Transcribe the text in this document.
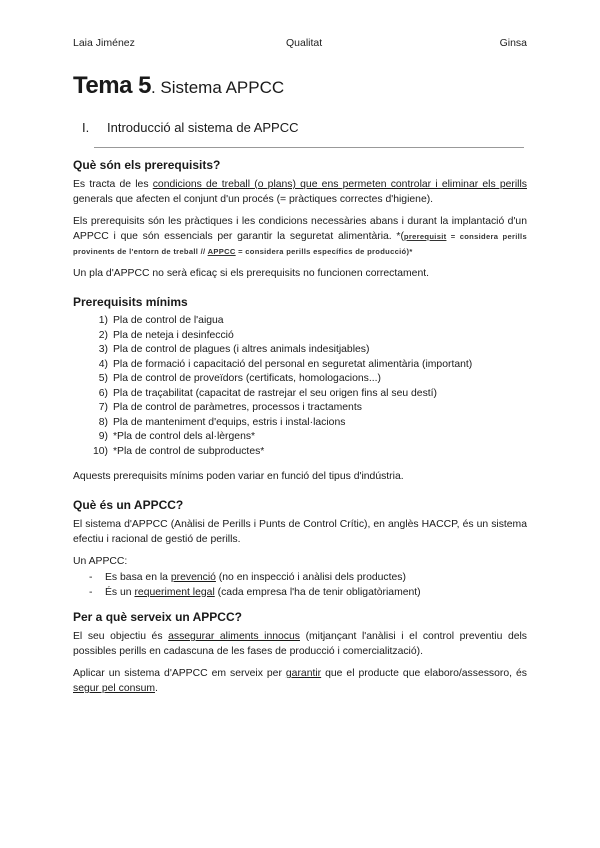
Laia Jiménez	Qualitat	Ginsa
Tema 5. Sistema APPCC
I. Introducció al sistema de APPCC
Què són els prerequisits?

Es tracta de les condicions de treball (o plans) que ens permeten controlar i eliminar els perills generals que afecten el conjunt d'un procés (= pràctiques correctes d'higiene).

Els prerequisits són les pràctiques i les condicions necessàries abans i durant la implantació d'un APPCC i que són essencials per garantir la seguretat alimentària. *(prerequisit = considera perills provinents de l'entorn de treball // APPCC = considera perills específics de producció)*

Un pla d'APPCC no serà eficaç si els prerequisits no funcionen correctament.

Prerequisits mínims
1) Pla de control de l'aigua
2) Pla de neteja i desinfecció
3) Pla de control de plagues (i altres animals indesitjables)
4) Pla de formació i capacitació del personal en seguretat alimentària (important)
5) Pla de control de proveïdors (certificats, homologacions...)
6) Pla de traçabilitat (capacitat de rastrejar el seu origen fins al seu destí)
7) Pla de control de paràmetres, processos i tractaments
8) Pla de manteniment d'equips, estris i instal·lacions
9) *Pla de control dels al·lèrgens*
10) *Pla de control de subproductes*

Aquests prerequisits mínims poden variar en funció del tipus d'indústria.

Què és un APPCC?

El sistema d'APPCC (Anàlisi de Perills i Punts de Control Crític), en anglès HACCP, és un sistema efectiu i racional de gestió de perills.

Un APPCC:

- Es basa en la prevenció (no en inspecció i anàlisi dels productes)
- És un requeriment legal (cada empresa l'ha de tenir obligatòriament)
Per a què serveix un APPCC?

El seu objectiu és assegurar aliments innocus (mitjançant l'anàlisi i el control preventiu dels possibles perills en cadascuna de les fases de producció i comercialització).

Aplicar un sistema d'APPCC em serveix per garantir que el producte que elaboro/assessoro, és segur pel consum.
